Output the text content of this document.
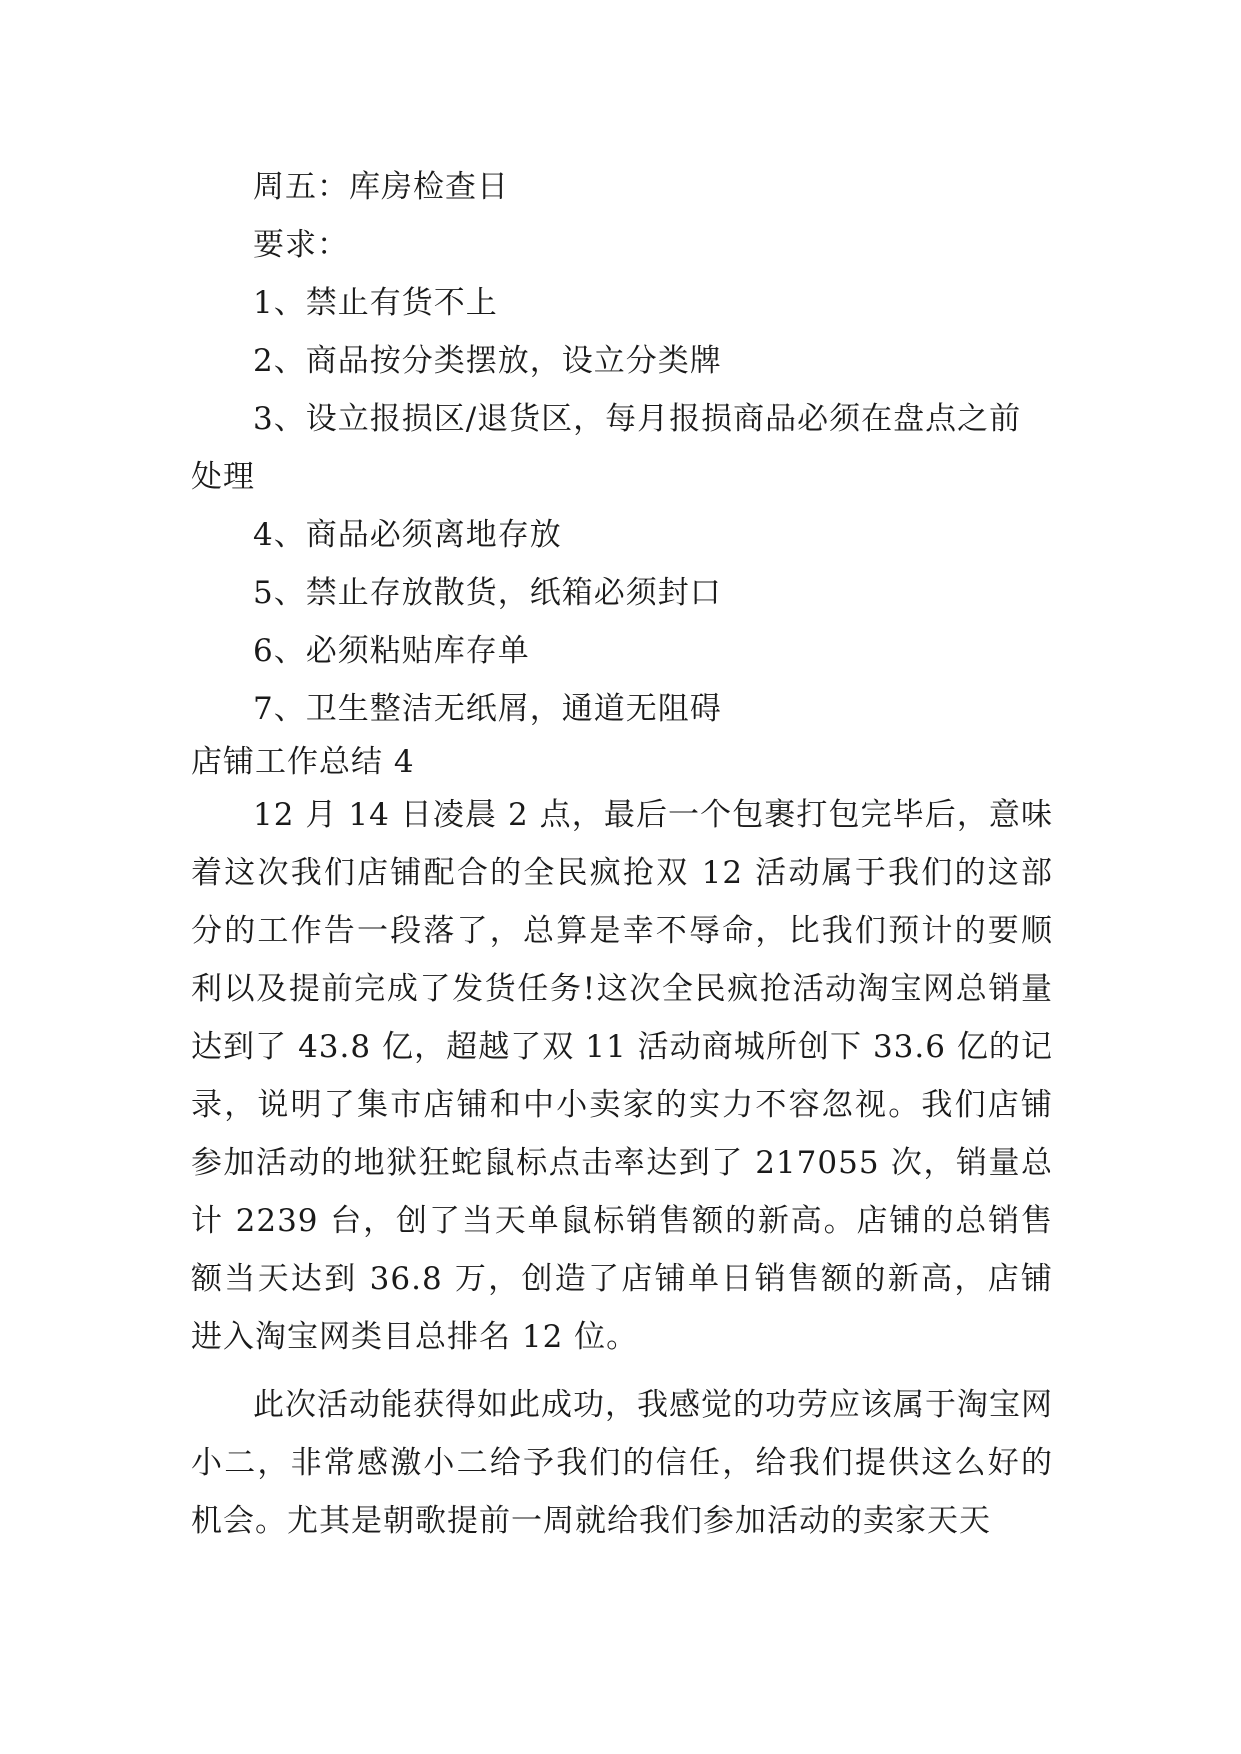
周五：库房检查日

要求：

1、禁止有货不上

2、商品按分类摆放，设立分类牌

3、设立报损区/退货区，每月报损商品必须在盘点之前

处理

4、商品必须离地存放

5、禁止存放散货，纸箱必须封口

6、必须粘贴库存单

7、卫生整洁无纸屑，通道无阻碍

店铺工作总结 4

12 月 14 日凌晨 2 点，最后一个包裹打包完毕后，意味着这次我们店铺配合的全民疯抢双 12 活动属于我们的这部分的工作告一段落了，总算是幸不辱命，比我们预计的要顺利以及提前完成了发货任务!这次全民疯抢活动淘宝网总销量达到了 43.8 亿，超越了双 11 活动商城所创下 33.6 亿的记录，说明了集市店铺和中小卖家的实力不容忽视。我们店铺参加活动的地狱狂蛇鼠标点击率达到了 217055 次，销量总计 2239 台，创了当天单鼠标销售额的新高。店铺的总销售额当天达到 36.8 万，创造了店铺单日销售额的新高，店铺进入淘宝网类目总排名 12 位。

此次活动能获得如此成功，我感觉的功劳应该属于淘宝网小二，非常感激小二给予我们的信任，给我们提供这么好的机会。尤其是朝歌提前一周就给我们参加活动的卖家天天
